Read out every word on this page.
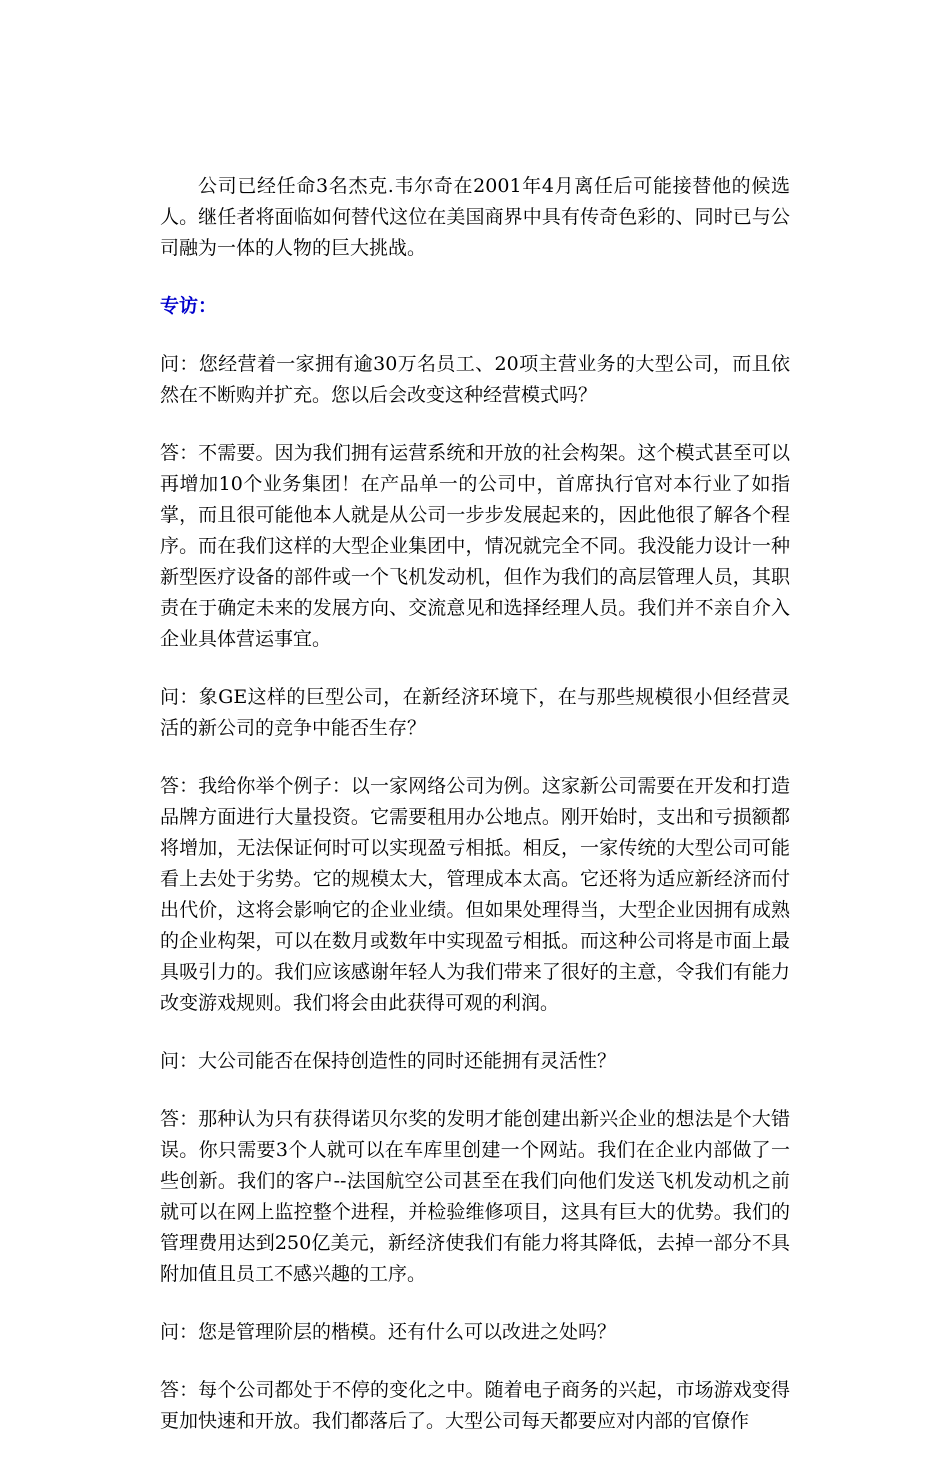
公司已经任命3名杰克.韦尔奇在2001年4月离任后可能接替他的候选人。继任者将面临如何替代这位在美国商界中具有传奇色彩的、同时已与公司融为一体的人物的巨大挑战。

专访：

问：您经营着一家拥有逾30万名员工、20项主营业务的大型公司，而且依然在不断购并扩充。您以后会改变这种经营模式吗？

答：不需要。因为我们拥有运营系统和开放的社会构架。这个模式甚至可以再增加10个业务集团！在产品单一的公司中，首席执行官对本行业了如指掌，而且很可能他本人就是从公司一步步发展起来的，因此他很了解各个程序。而在我们这样的大型企业集团中，情况就完全不同。我没能力设计一种新型医疗设备的部件或一个飞机发动机，但作为我们的高层管理人员，其职责在于确定未来的发展方向、交流意见和选择经理人员。我们并不亲自介入企业具体营运事宜。

问：象GE这样的巨型公司，在新经济环境下，在与那些规模很小但经营灵活的新公司的竞争中能否生存？

答：我给你举个例子：以一家网络公司为例。这家新公司需要在开发和打造品牌方面进行大量投资。它需要租用办公地点。刚开始时，支出和亏损额都将增加，无法保证何时可以实现盈亏相抵。相反，一家传统的大型公司可能看上去处于劣势。它的规模太大，管理成本太高。它还将为适应新经济而付出代价，这将会影响它的企业业绩。但如果处理得当，大型企业因拥有成熟的企业构架，可以在数月或数年中实现盈亏相抵。而这种公司将是市面上最具吸引力的。我们应该感谢年轻人为我们带来了很好的主意，令我们有能力改变游戏规则。我们将会由此获得可观的利润。

问：大公司能否在保持创造性的同时还能拥有灵活性？

答：那种认为只有获得诺贝尔奖的发明才能创建出新兴企业的想法是个大错误。你只需要3个人就可以在车库里创建一个网站。我们在企业内部做了一些创新。我们的客户--法国航空公司甚至在我们向他们发送飞机发动机之前就可以在网上监控整个进程，并检验维修项目，这具有巨大的优势。我们的管理费用达到250亿美元，新经济使我们有能力将其降低，去掉一部分不具附加值且员工不感兴趣的工序。

问：您是管理阶层的楷模。还有什么可以改进之处吗？

答：每个公司都处于不停的变化之中。随着电子商务的兴起，市场游戏变得更加快速和开放。我们都落后了。大型公司每天都要应对内部的官僚作
